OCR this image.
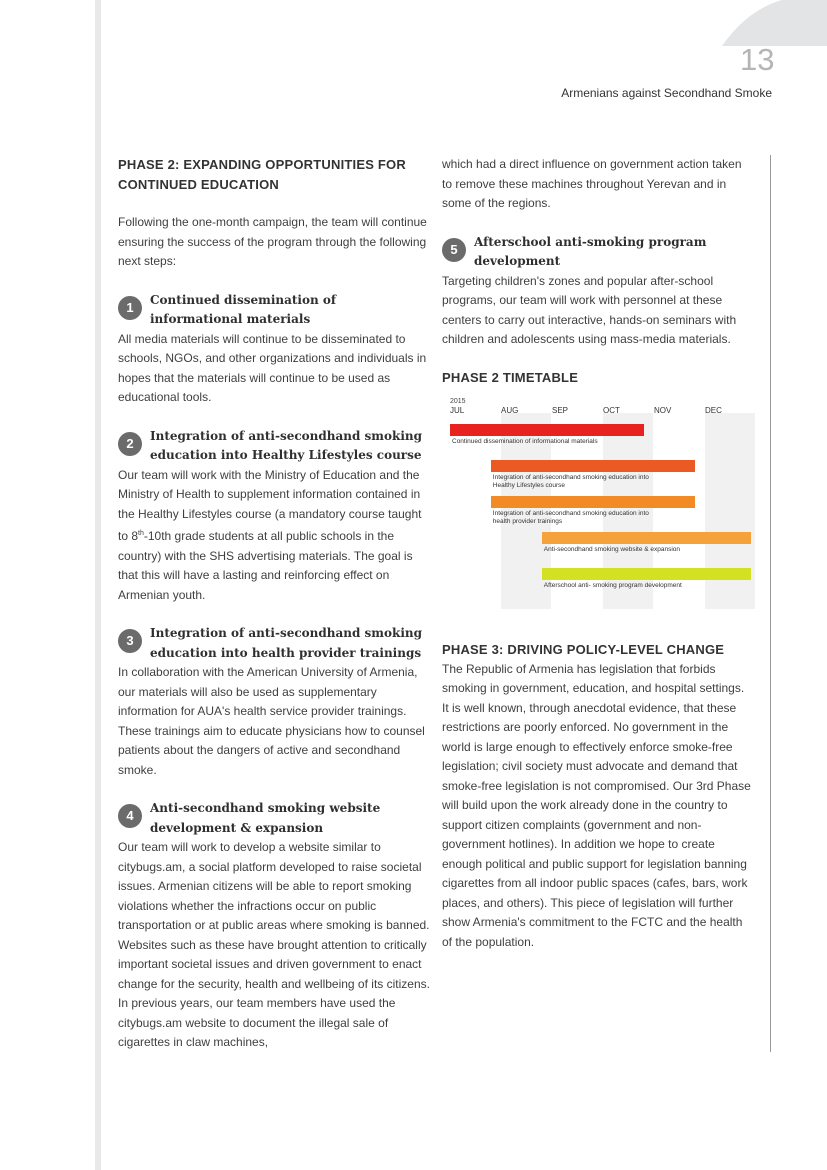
13
Armenians against Secondhand Smoke
PHASE 2: EXPANDING OPPORTUNITIES FOR
CONTINUED EDUCATION

Following the one-month campaign, the team will continue ensuring the success of the program through the following next steps:

1	Continued dissemination of informational materials

All media materials will continue to be disseminated to schools, NGOs, and other organizations and individuals in hopes that the materials will continue to be used as educational tools.

2	Integration of anti-secondhand smoking education into Healthy Lifestyles course

Our team will work with the Ministry of Education and the Ministry of Health to supplement information contained in the Healthy Lifestyles course (a mandatory course taught to 8th-10th grade students at all public schools in the country) with the SHS advertising materials. The goal is that this will have a lasting and reinforcing effect on Armenian youth.

3	Integration of anti-secondhand smoking education into health provider trainings

In collaboration with the American University of Armenia, our materials will also be used as supplementary information for AUA's health service provider trainings. These trainings aim to educate physicians how to counsel patients about the dangers of active and secondhand smoke.

4	Anti-secondhand smoking website development & expansion

Our team will work to develop a website similar to citybugs.am, a social platform developed to raise societal issues. Armenian citizens will be able to report smoking violations whether the infractions occur on public transportation or at public areas where smoking is banned. Websites such as these have brought attention to critically important societal issues and driven government to enact change for the security, health and wellbeing of its citizens. In previous years, our team members have used the citybugs.am website to document the illegal sale of cigarettes in claw machines,

which had a direct influence on government action taken to remove these machines throughout Yerevan and in some of the regions.

5	Afterschool anti-smoking program development

Targeting children's zones and popular after-school programs, our team will work with personnel at these centers to carry out interactive, hands-on seminars with children and adolescents using mass-media materials.

PHASE 2 TIMETABLE
2015
JUL	AUG	SEP	OCT	NOV	DEC
Continued dissemination of informational materials
Integration of anti-secondhand smoking education into
Healthy Lifestyles course
Integration of anti-secondhand smoking education into
health provider trainings
Anti-secondhand smoking website & expansion
Afterschool anti- smoking program development
PHASE 3: DRIVING POLICY-LEVEL CHANGE

The Republic of Armenia has legislation that forbids smoking in government, education, and hospital settings. It is well known, through anecdotal evidence, that these restrictions are poorly enforced. No government in the world is large enough to effectively enforce smoke-free legislation; civil society must advocate and demand that smoke-free legislation is not compromised. Our 3rd Phase will build upon the work already done in the country to support citizen complaints (government and non-government hotlines). In addition we hope to create enough political and public support for legislation banning cigarettes from all indoor public spaces (cafes, bars, work places, and others). This piece of legislation will further show Armenia's commitment to the FCTC and the health of the population.
